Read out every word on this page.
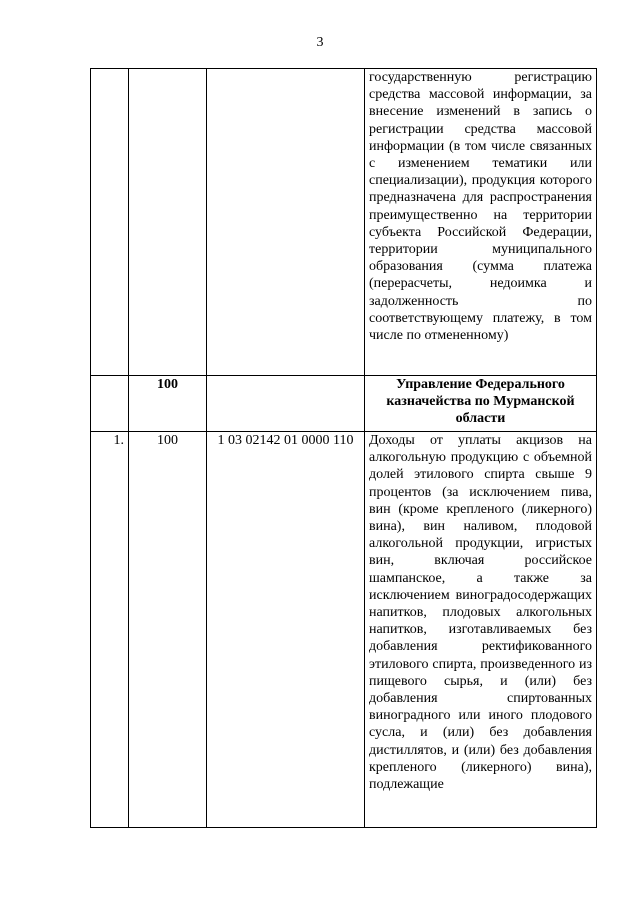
3

			государственную регистрацию средства массовой информации, за внесение изменений в запись о регистрации средства массовой информации (в том числе связанных с изменением тематики или специализации), продукция которого предназначена для распространения преимущественно на территории субъекта Российской Федерации, территории муниципального образования (сумма платежа (перерасчеты, недоимка и задолженность по соответствующему платежу, в том числе по отмененному)

	100		Управление Федерального казначейства по Мурманской области
1.	100	1 03 02142 01 0000 110	Доходы от уплаты акцизов на алкогольную продукцию с объемной долей этилового спирта свыше 9 процентов (за исключением пива, вин (кроме крепленого (ликерного) вина), вин наливом, плодовой алкогольной продукции, игристых вин, включая российское шампанское, а также за исключением виноградосодержащих напитков, плодовых алкогольных напитков, изготавливаемых без добавления ректификованного этилового спирта, произведенного из пищевого сырья, и (или) без добавления спиртованных виноградного или иного плодового сусла, и (или) без добавления дистиллятов, и (или) без добавления крепленого (ликерного) вина), подлежащие
